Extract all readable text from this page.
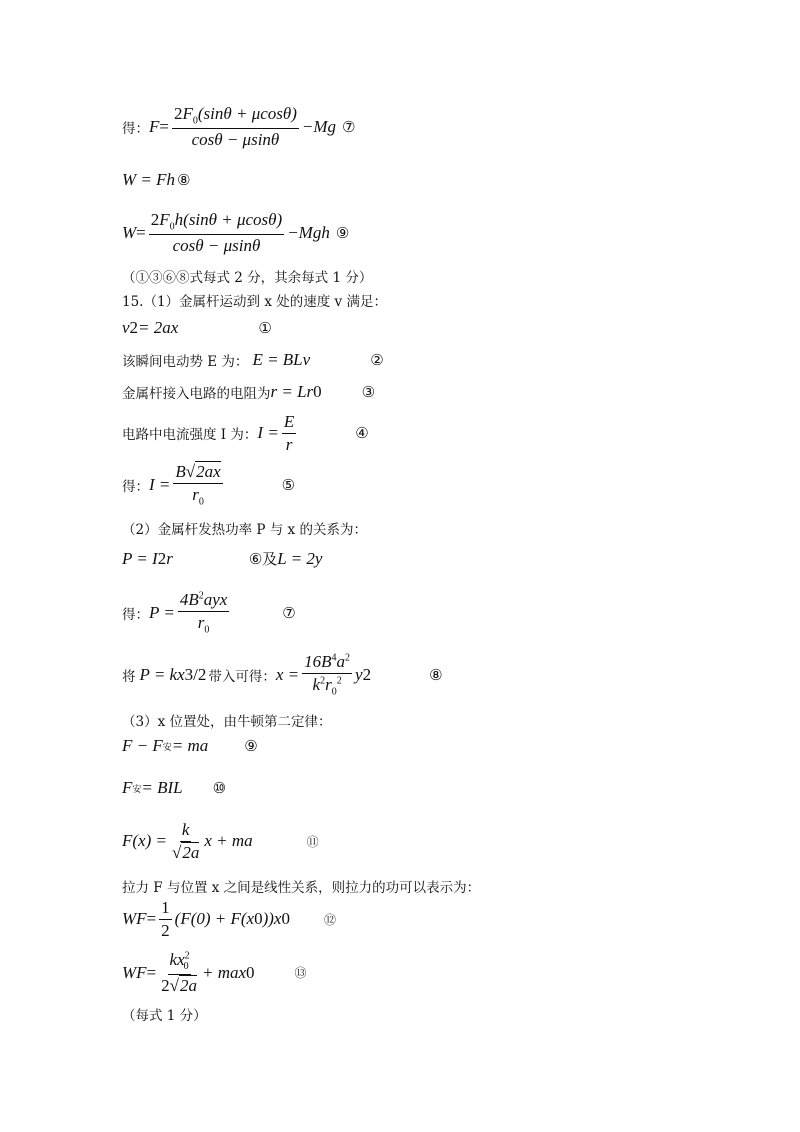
得： $F = \frac{2F_0(\sin\theta + \mu\cos\theta)}{\cos\theta - \mu\sin\theta} -Mg$ ⑦
W = Fh ⑧
$W = \frac{2F_0h(\sin\theta + \mu\cos\theta)}{\cos\theta - \mu\sin\theta} -Mgh$ ⑨
（①③⑥⑧式每式 2 分，其余每式 1 分）
15.（1）金属杆运动到 x 处的速度 v 满足：
v 2 = 2ax	①
该瞬间电动势 E 为： E = BLv	②
金属杆接入电路的电阻为 r = Lr 0	③
电路中电流强度 I 为： $I = \frac{E}{r}$	④
得： $I = \frac{B√2ax}{r_0}$	⑤
（2）金属杆发热功率 P 与 x 的关系为：
P = I 2 r	⑥及 L = 2y
得： $P = \frac{4B^2ayx}{r_0}$	⑦
将 P = kx 3/2 带入可得： $x = \frac{16B^4a^2}{k^2r_0^2}$ y 2	⑧
（3）x 位置处，由牛顿第二定律：
F − F 安 = ma ⑨
F 安 = BIL ⑩
$F(x) = \frac{k}{√2a}$ x + ma	⑪
拉力 F 与位置 x 之间是线性关系，则拉力的功可以表示为：
W $F = \frac{1}{2} (F(0) + F(x$ 0 ))x 0	⑫
W $F = \frac{kx^2_0}{2√2a} + \max 0$	⑬
（每式 1 分）
